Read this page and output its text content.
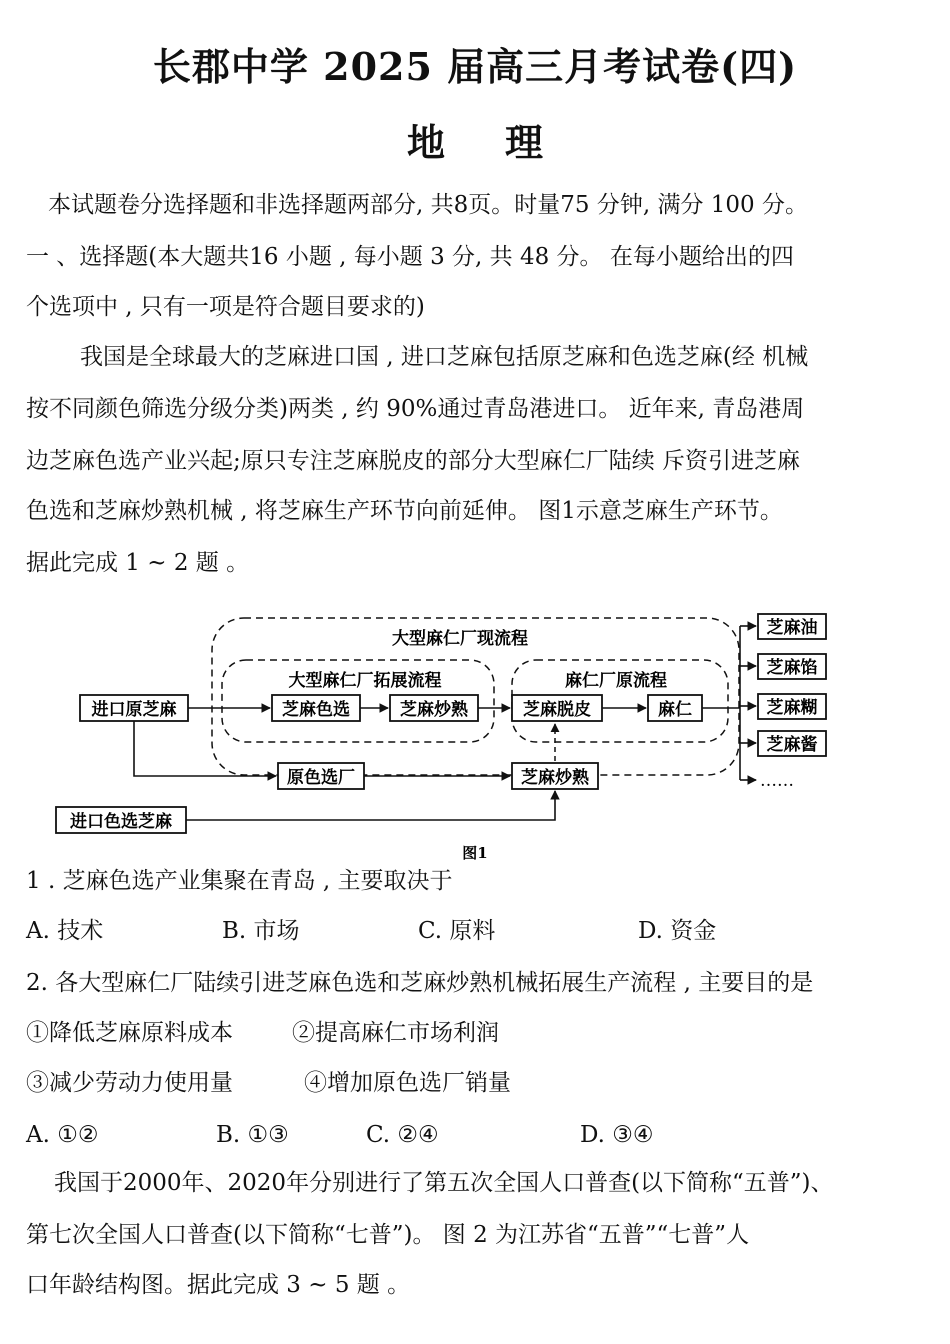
长郡中学 2025 届高三月考试卷(四)
地理
本试题卷分选择题和非选择题两部分, 共8页。时量75 分钟, 满分 100 分。
一 、选择题(本大题共16 小题 , 每小题 3 分, 共 48 分。 在每小题给出的四
个选项中 , 只有一项是符合题目要求的)
我国是全球最大的芝麻进口国 , 进口芝麻包括原芝麻和色选芝麻(经 机械
按不同颜色筛选分级分类)两类 , 约 90%通过青岛港进口。 近年来, 青岛港周
边芝麻色选产业兴起;原只专注芝麻脱皮的部分大型麻仁厂陆续 斥资引进芝麻
色选和芝麻炒熟机械 , 将芝麻生产环节向前延伸。 图1示意芝麻生产环节。
据此完成 1 ~ 2 题 。
大型麻仁厂现流程
大型麻仁厂拓展流程	麻仁厂原流程
进口原芝麻	芝麻色选	芝麻炒熟	芝麻脱皮	麻仁
原色选厂	芝麻炒熟
进口色选芝麻
芝麻油
芝麻馅
芝麻糊
芝麻酱
……
图1
1 . 芝麻色选产业集聚在青岛 , 主要取决于
A. 技术	B. 市场	C. 原料	D. 资金
2. 各大型麻仁厂陆续引进芝麻色选和芝麻炒熟机械拓展生产流程 , 主要目的是
①降低芝麻原料成本	②提高麻仁市场利润
③减少劳动力使用量	④增加原色选厂销量
A. ①②	B. ①③	C. ②④	D. ③④
我国于2000年、2020年分别进行了第五次全国人口普查(以下简称“五普”)、
第七次全国人口普查(以下简称“七普”)。 图 2 为江苏省“五普”“七普”人
口年龄结构图。据此完成 3 ~ 5 题 。
